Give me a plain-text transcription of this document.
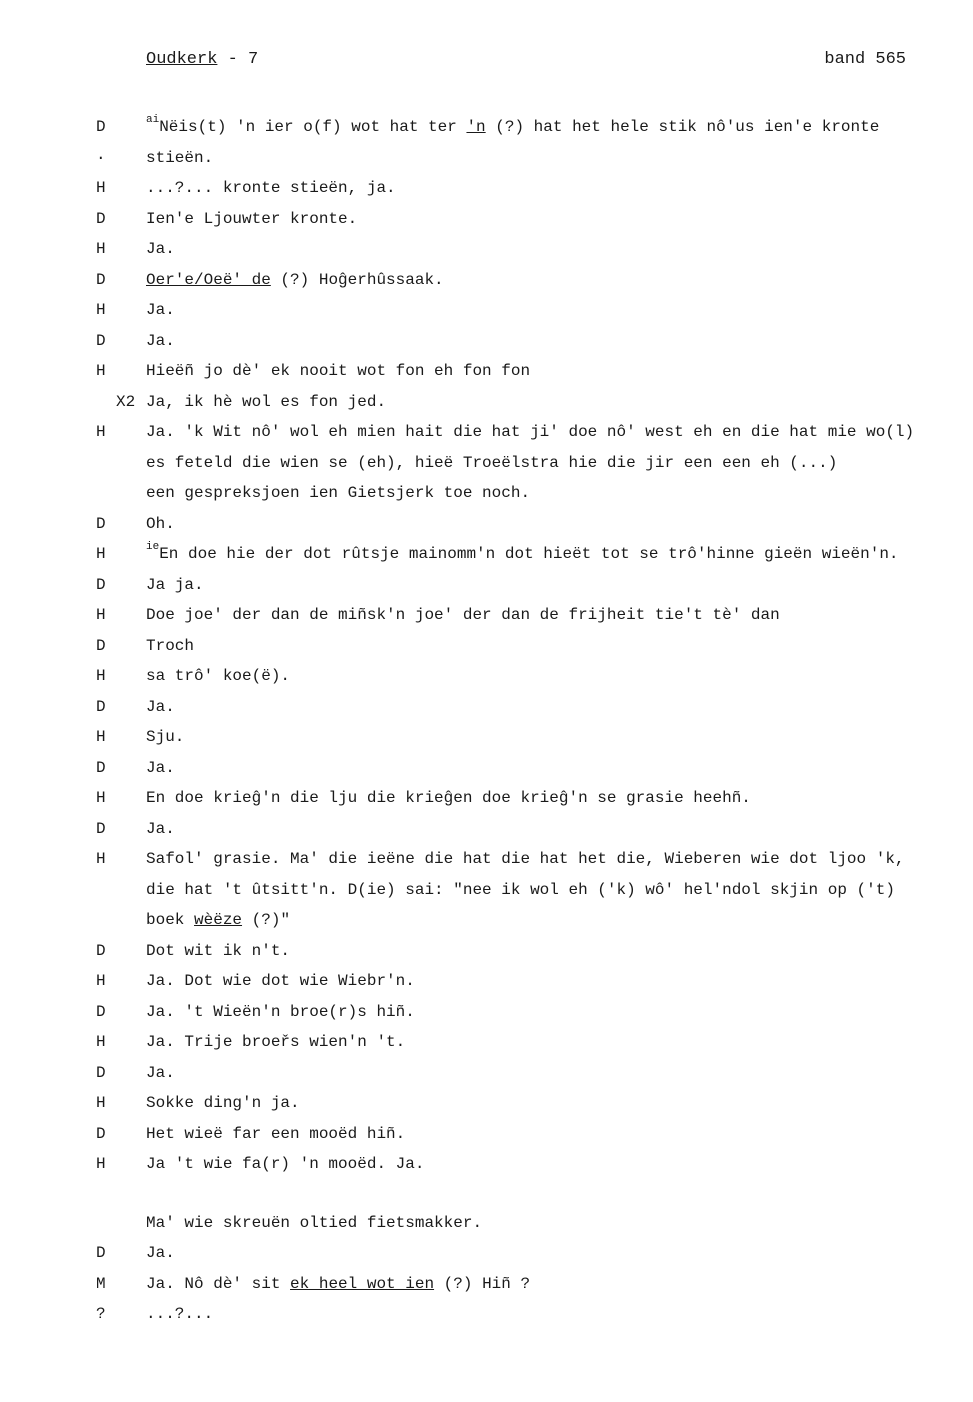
Oudkerk - 7	band 565
D	$^{ai}$Nëis(t) 'n ier o(f) wot hat ter 'n (?) hat het hele stik nô'us ien'e kronte
·	stieën.
H	...?... kronte stieën, ja.
D	Ien'e Ljouwter kronte.
H	Ja.
D	Oer'e/Oeë' de (?) Hoĝerhûssaak.
H	Ja.
D	Ja.
H	Hieëñ jo dè' ek nooit wot fon eh fon fon
X2 Ja, ik hè wol es fon jed.
H	Ja. 'k Wit nô' wol eh mien hait die hat ji' doe nô' west eh en die hat mie wo(l)
es feteld die wien se (eh), hieë Troeëlstra hie die jir een een eh (...)
een gespreksjoen ien Gietsjerk toe noch.
D	Oh.
H	$^{ie}$En doe hie der dot rûtsje mainomm'n dot hieët tot se trô'hinne gieën wieën'n.
D	Ja ja.
H	Doe joe' der dan de miñsk'n joe' der dan de frijheit tie't tè' dan
D	Troch
H	sa trô' koe(ë).
D	Ja.
H	Sju.
D	Ja.
H	En doe krieĝ'n die lju die krieĝen doe krieĝ'n se grasie heehñ.
D	Ja.
H	Safol' grasie. Ma' die ieëne die hat die hat het die, Wieberen wie dot ljoo 'k,
die hat 't ûtsitt'n. D(ie) sai: "nee ik wol eh ('k) wô' hel'ndol skjin op ('t)
boek wèëze (?)"
D	Dot wit ik n't.
H	Ja. Dot wie dot wie Wiebr'n.
D	Ja. 't Wieën'n broe(r)s hiñ.
H	Ja. Trije broeřs wien'n 't.
D	Ja.
H	Sokke ding'n ja.
D	Het wieë far een mooëd hiñ.
H	Ja 't wie fa(r) 'n mooëd. Ja.
Ma' wie skreuën oltied fietsmakker.
D	Ja.
M	Ja. Nô dè' sit ek heel wot ien (?) Hiñ ?
?	...?...
